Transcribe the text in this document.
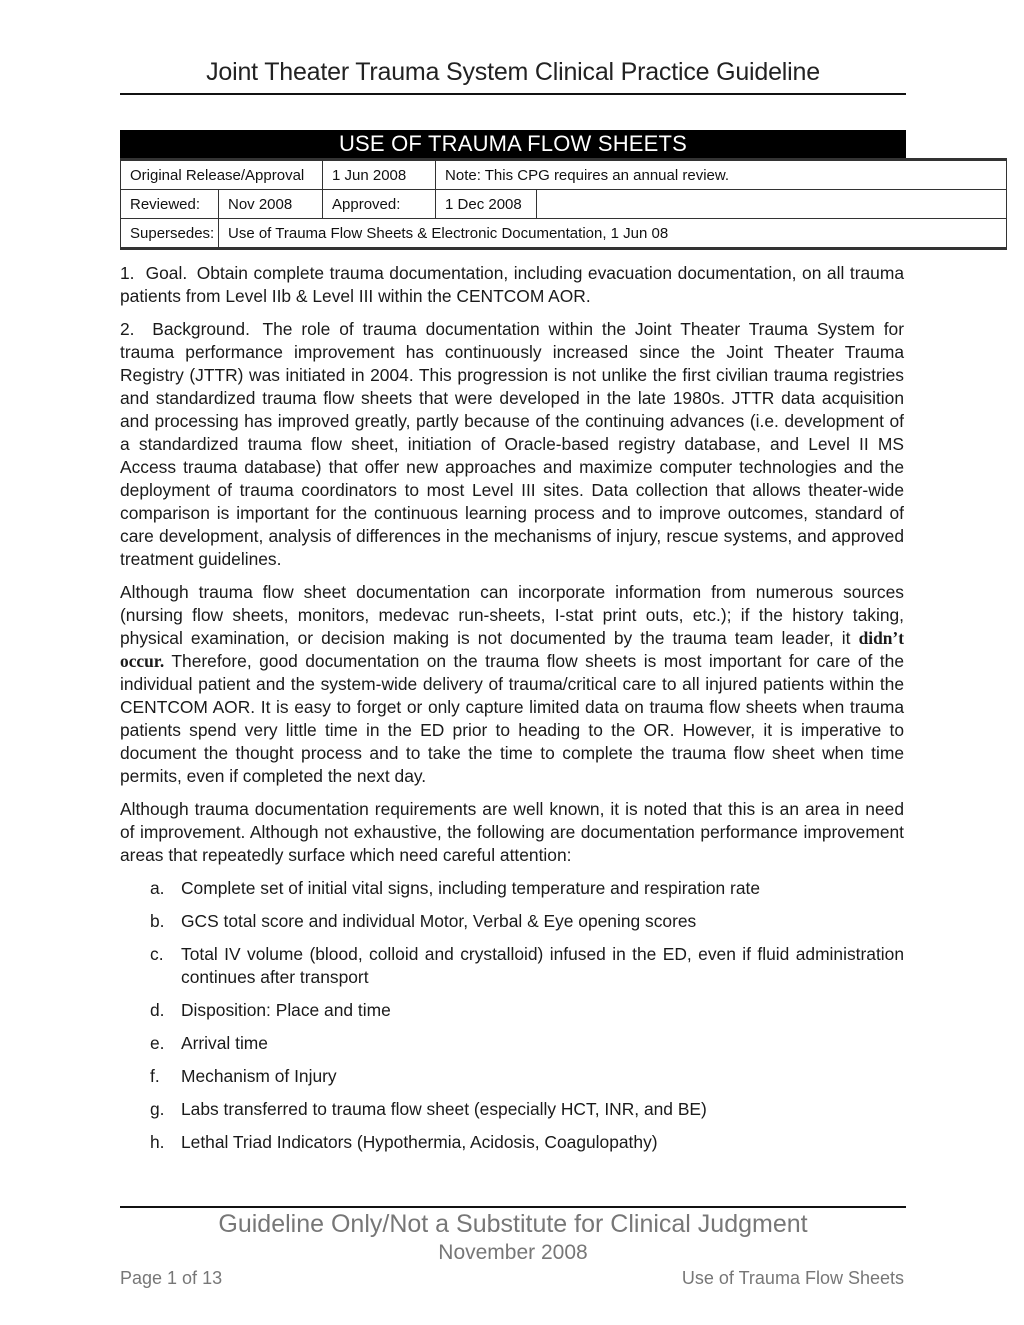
Joint Theater Trauma System Clinical Practice Guideline
USE OF TRAUMA FLOW SHEETS
Original Release/Approval		1 Jun 2008	Note: This CPG requires an annual review.	
Reviewed:	Nov 2008	Approved:	1 Dec 2008	
Supersedes:	Use of Trauma Flow Sheets & Electronic Documentation, 1 Jun 08			

1. Goal. Obtain complete trauma documentation, including evacuation documentation, on all trauma patients from Level IIb & Level III within the CENTCOM AOR.

2. Background. The role of trauma documentation within the Joint Theater Trauma System for trauma performance improvement has continuously increased since the Joint Theater Trauma Registry (JTTR) was initiated in 2004. This progression is not unlike the first civilian trauma registries and standardized trauma flow sheets that were developed in the late 1980s. JTTR data acquisition and processing has improved greatly, partly because of the continuing advances (i.e. development of a standardized trauma flow sheet, initiation of Oracle-based registry database, and Level II MS Access trauma database) that offer new approaches and maximize computer technologies and the deployment of trauma coordinators to most Level III sites. Data collection that allows theater-wide comparison is important for the continuous learning process and to improve outcomes, standard of care development, analysis of differences in the mechanisms of injury, rescue systems, and approved treatment guidelines.

Although trauma flow sheet documentation can incorporate information from numerous sources (nursing flow sheets, monitors, medevac run-sheets, I-stat print outs, etc.); if the history taking, physical examination, or decision making is not documented by the trauma team leader, it didn’t occur. Therefore, good documentation on the trauma flow sheets is most important for care of the individual patient and the system-wide delivery of trauma/critical care to all injured patients within the CENTCOM AOR. It is easy to forget or only capture limited data on trauma flow sheets when trauma patients spend very little time in the ED prior to heading to the OR. However, it is imperative to document the thought process and to take the time to complete the trauma flow sheet when time permits, even if completed the next day.

Although trauma documentation requirements are well known, it is noted that this is an area in need of improvement. Although not exhaustive, the following are documentation performance improvement areas that repeatedly surface which need careful attention:

a. Complete set of initial vital signs, including temperature and respiration rate
b. GCS total score and individual Motor, Verbal & Eye opening scores
c.	Total IV volume (blood, colloid and crystalloid) infused in the ED, even if fluid administration continues after transport
d. Disposition: Place and time
e. Arrival time
f.	Mechanism of Injury
g. Labs transferred to trauma flow sheet (especially HCT, INR, and BE)
h. Lethal Triad Indicators (Hypothermia, Acidosis, Coagulopathy)
Guideline Only/Not a Substitute for Clinical Judgment
November 2008
Page 1 of 13	Use of Trauma Flow Sheets
